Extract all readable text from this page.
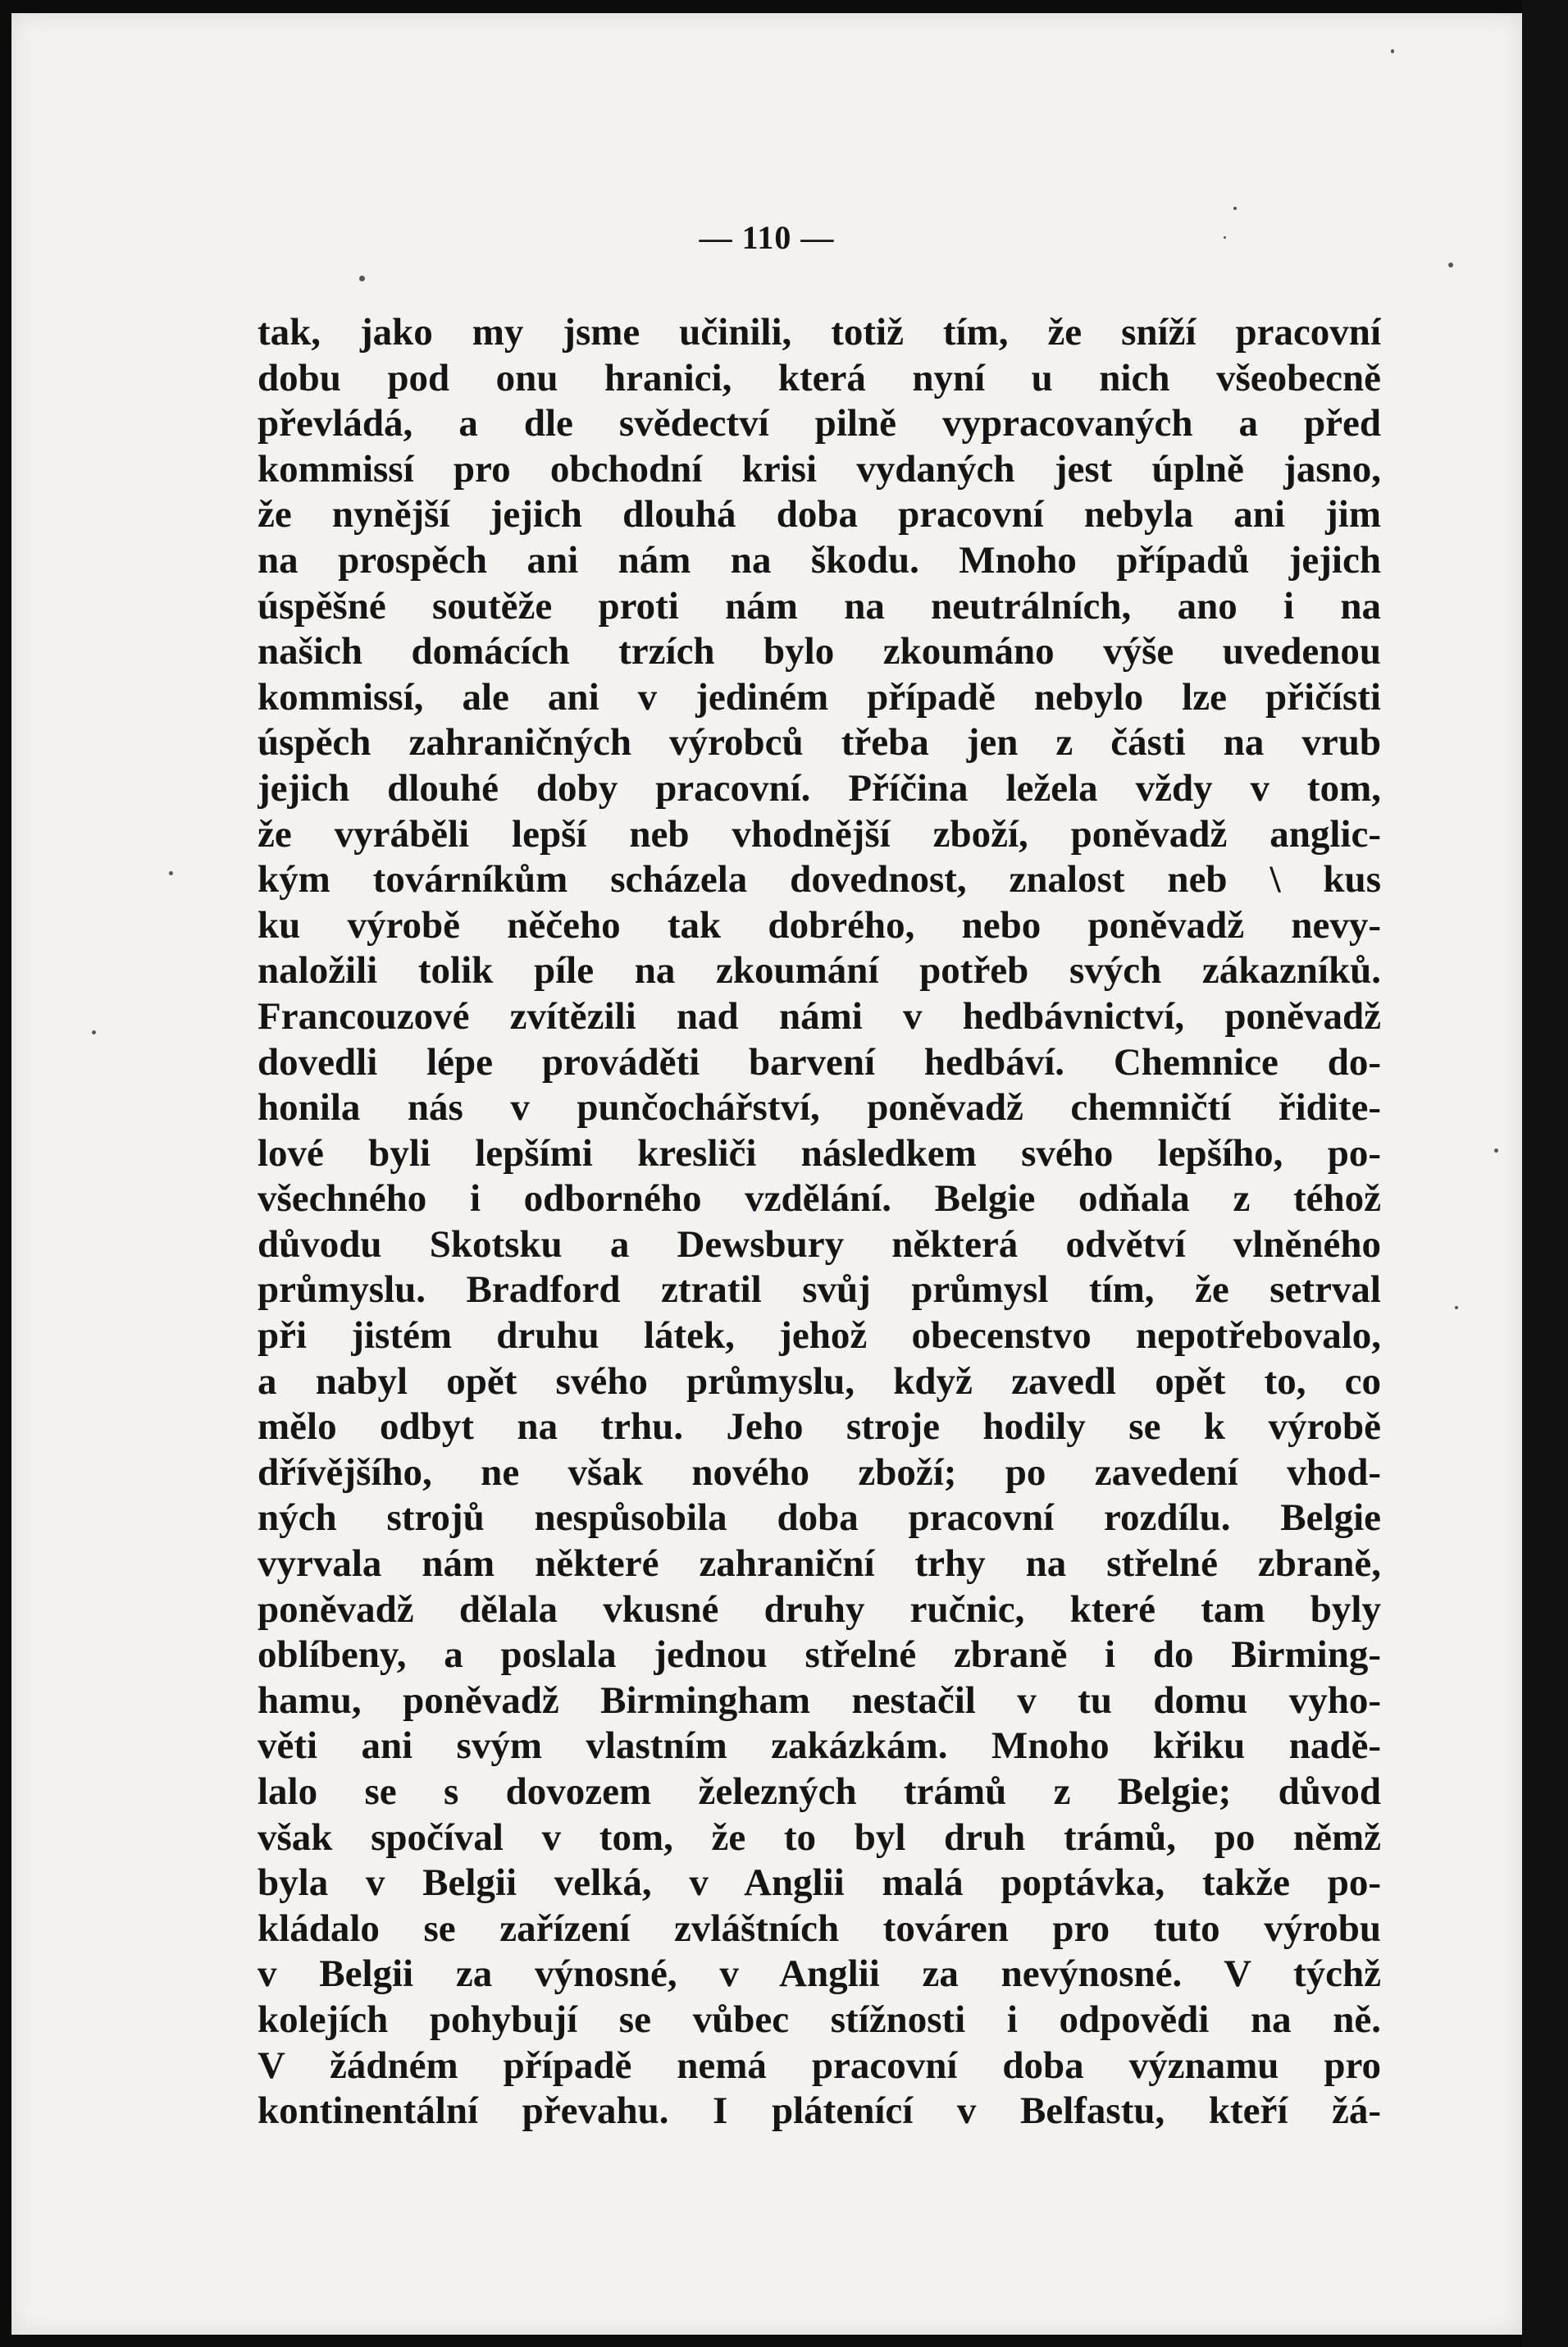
— 110 —
tak, jako my jsme učinili, totiž tím, že sníží pracovní
dobu pod onu hranici, která nyní u nich všeobecně
převládá, a dle svědectví pilně vypracovaných a před
kommissí pro obchodní krisi vydaných jest úplně jasno,
že nynější jejich dlouhá doba pracovní nebyla ani jim
na prospěch ani nám na škodu. Mnoho případů jejich
úspěšné soutěže proti nám na neutrálních, ano i na
našich domácích trzích bylo zkoumáno výše uvedenou
kommissí, ale ani v jediném případě nebylo lze přičísti
úspěch zahraničných výrobců třeba jen z části na vrub
jejich dlouhé doby pracovní. Příčina ležela vždy v tom,
že vyráběli lepší neb vhodnější zboží, poněvadž anglic-
kým továrníkům scházela dovednost, znalost neb \ kus
ku výrobě něčeho tak dobrého, nebo poněvadž nevy-
naložili tolik píle na zkoumání potřeb svých zákazníků.
Francouzové zvítězili nad námi v hedbávnictví, poněvadž
dovedli lépe prováděti barvení hedbáví. Chemnice do-
honila nás v punčochářství, poněvadž chemničtí řidite-
lové byli lepšími kresliči následkem svého lepšího, po-
všechného i odborného vzdělání. Belgie odňala z téhož
důvodu Skotsku a Dewsbury některá odvětví vlněného
průmyslu. Bradford ztratil svůj průmysl tím, že setrval
při jistém druhu látek, jehož obecenstvo nepotřebovalo,
a nabyl opět svého průmyslu, když zavedl opět to, co
mělo odbyt na trhu. Jeho stroje hodily se k výrobě
dřívějšího, ne však nového zboží; po zavedení vhod-
ných strojů nespůsobila doba pracovní rozdílu. Belgie
vyrvala nám některé zahraniční trhy na střelné zbraně,
poněvadž dělala vkusné druhy ručnic, které tam byly
oblíbeny, a poslala jednou střelné zbraně i do Birming-
hamu, poněvadž Birmingham nestačil v tu domu vyho-
věti ani svým vlastním zakázkám. Mnoho křiku nadě-
lalo se s dovozem železných trámů z Belgie; důvod
však spočíval v tom, že to byl druh trámů, po němž
byla v Belgii velká, v Anglii malá poptávka, takže po-
kládalo se zařízení zvláštních továren pro tuto výrobu
v Belgii za výnosné, v Anglii za nevýnosné. V týchž
kolejích pohybují se vůbec stížnosti i odpovědi na ně.
V žádném případě nemá pracovní doba významu pro
kontinentální převahu. I plátenící v Belfastu, kteří žá-
